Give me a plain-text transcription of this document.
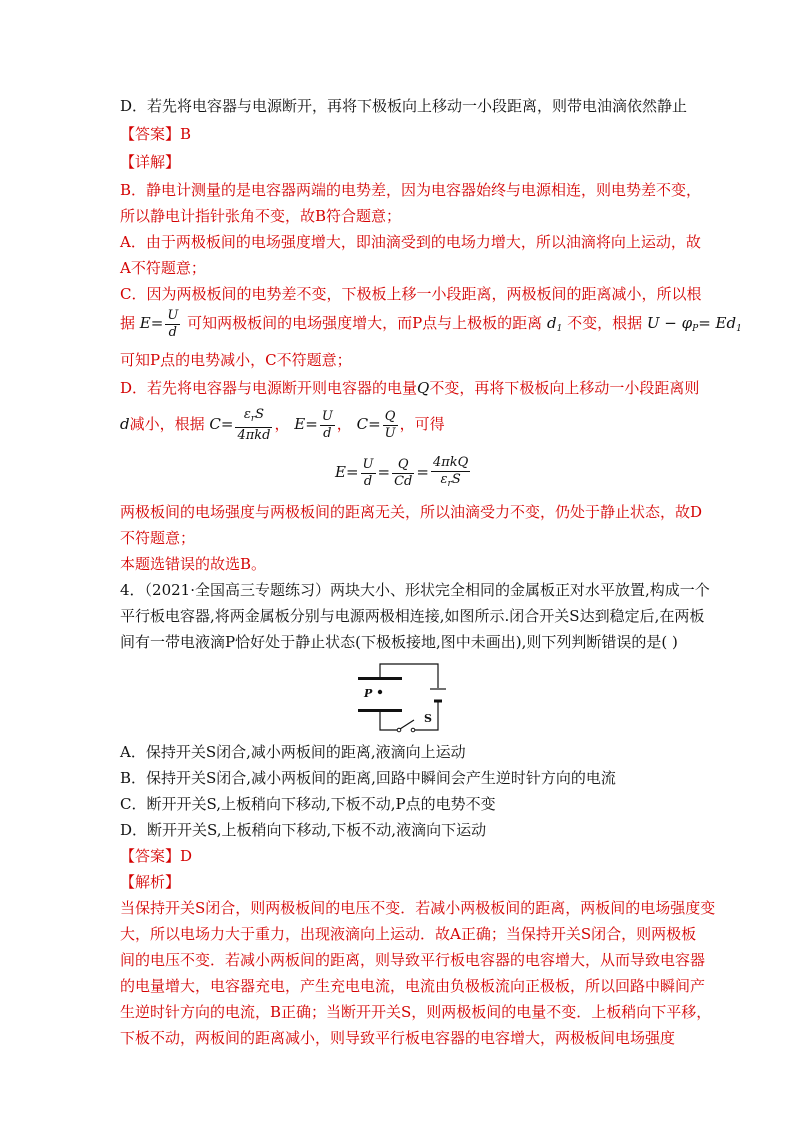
D．若先将电容器与电源断开，再将下极板向上移动一小段距离，则带电油滴依然静止
【答案】B
【详解】
B．静电计测量的是电容器两端的电势差，因为电容器始终与电源相连，则电势差不变，
所以静电计指针张角不变，故B符合题意；
A．由于两极板间的电场强度增大，即油滴受到的电场力增大，所以油滴将向上运动，故
A不符题意；
C．因为两极板间的电势差不变，下极板上移一小段距离，两极板间的距离减小，所以根
据 $E= \frac{U}{d}$ 可知两极板间的电场强度增大，而P点与上极板的距离 $d_1$ 不变，根据 $U - \varphi_P= Ed_1$
可知P点的电势减小，C不符题意；
D．若先将电容器与电源断开则电容器的电量Q不变，再将下极板向上移动一小段距离则
d减小，根据 $C= \frac{\varepsilon_rS}{\text{4πkd}}$ ， $E= \frac{U}{d}$ ， $C= \frac{Q}{U}$ ，可得
$E= \frac{U}{d} = \frac{Q}{Cd} = \frac{\text{4πkQ}}{\varepsilon_rS}$
两极板间的电场强度与两极板间的距离无关，所以油滴受力不变，仍处于静止状态，故D
不符题意；
本题选错误的故选B。
4．（2021·全国高三专题练习）两块大小、形状完全相同的金属板正对水平放置,构成一个
平行板电容器,将两金属板分别与电源两极相连接,如图所示.闭合开关S达到稳定后,在两板
间有一带电液滴P恰好处于静止状态(下极板接地,图中未画出),则下列判断错误的是( )
P
S
A．保持开关S闭合,减小两板间的距离,液滴向上运动
B．保持开关S闭合,减小两板间的距离,回路中瞬间会产生逆时针方向的电流
C．断开开关S,上板稍向下移动,下板不动,P点的电势不变
D．断开开关S,上板稍向下移动,下板不动,液滴向下运动
【答案】D
【解析】
当保持开关S闭合，则两极板间的电压不变．若减小两极板间的距离，两板间的电场强度变
大，所以电场力大于重力，出现液滴向上运动．故A正确；当保持开关S闭合，则两极板
间的电压不变．若减小两板间的距离，则导致平行板电容器的电容增大，从而导致电容器
的电量增大，电容器充电，产生充电电流，电流由负极板流向正极板，所以回路中瞬间产
生逆时针方向的电流，B正确；当断开开关S，则两极板间的电量不变．上板稍向下平移，
下板不动，两板间的距离减小，则导致平行板电容器的电容增大，两极板间电场强度
